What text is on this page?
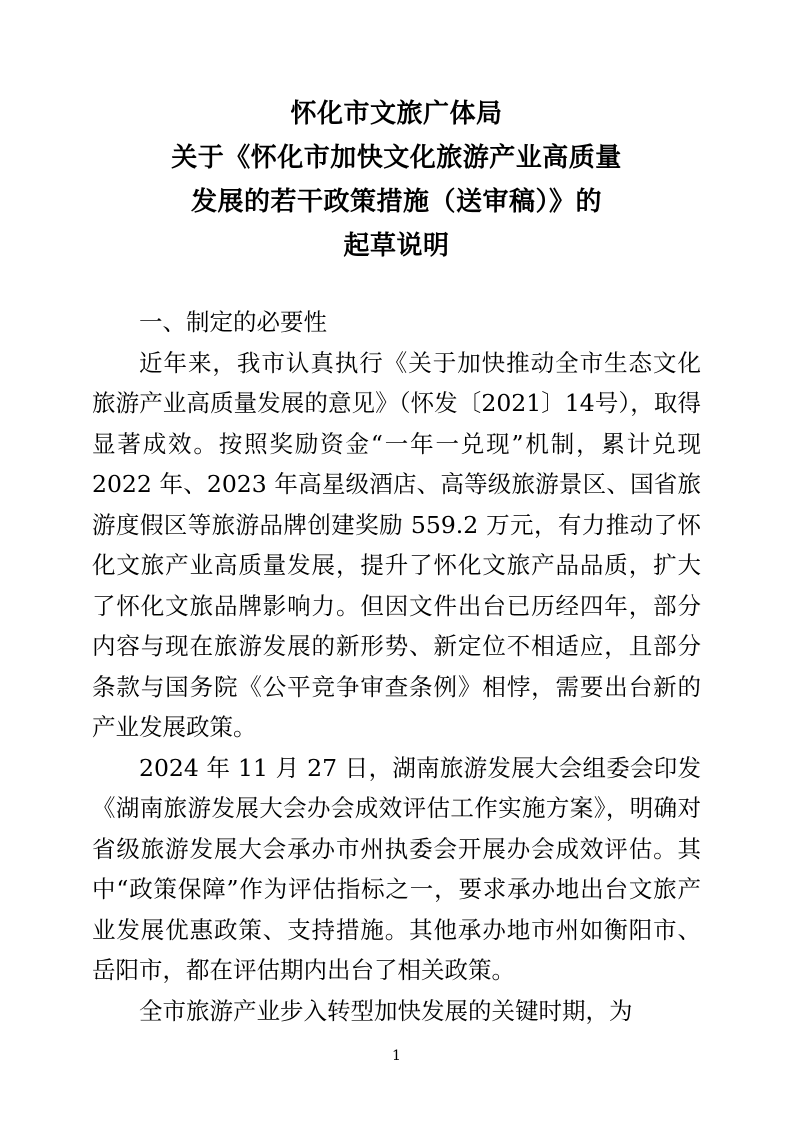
怀化市文旅广体局
关于《怀化市加快文化旅游产业高质量
发展的若干政策措施（送审稿）》的
起草说明

一、制定的必要性

近年来，我市认真执行《关于加快推动全市生态文化旅游产业高质量发展的意见》（怀发〔2021〕14号），取得显著成效。按照奖励资金“一年一兑现”机制，累计兑现 2022 年、2023 年高星级酒店、高等级旅游景区、国省旅游度假区等旅游品牌创建奖励 559.2 万元，有力推动了怀化文旅产业高质量发展，提升了怀化文旅产品品质，扩大了怀化文旅品牌影响力。但因文件出台已历经四年，部分内容与现在旅游发展的新形势、新定位不相适应，且部分条款与国务院《公平竞争审查条例》相悖，需要出台新的产业发展政策。

2024 年 11 月 27 日，湖南旅游发展大会组委会印发《湖南旅游发展大会办会成效评估工作实施方案》，明确对省级旅游发展大会承办市州执委会开展办会成效评估。其中“政策保障”作为评估指标之一，要求承办地出台文旅产业发展优惠政策、支持措施。其他承办地市州如衡阳市、岳阳市，都在评估期内出台了相关政策。

全市旅游产业步入转型加快发展的关键时期，为

1
